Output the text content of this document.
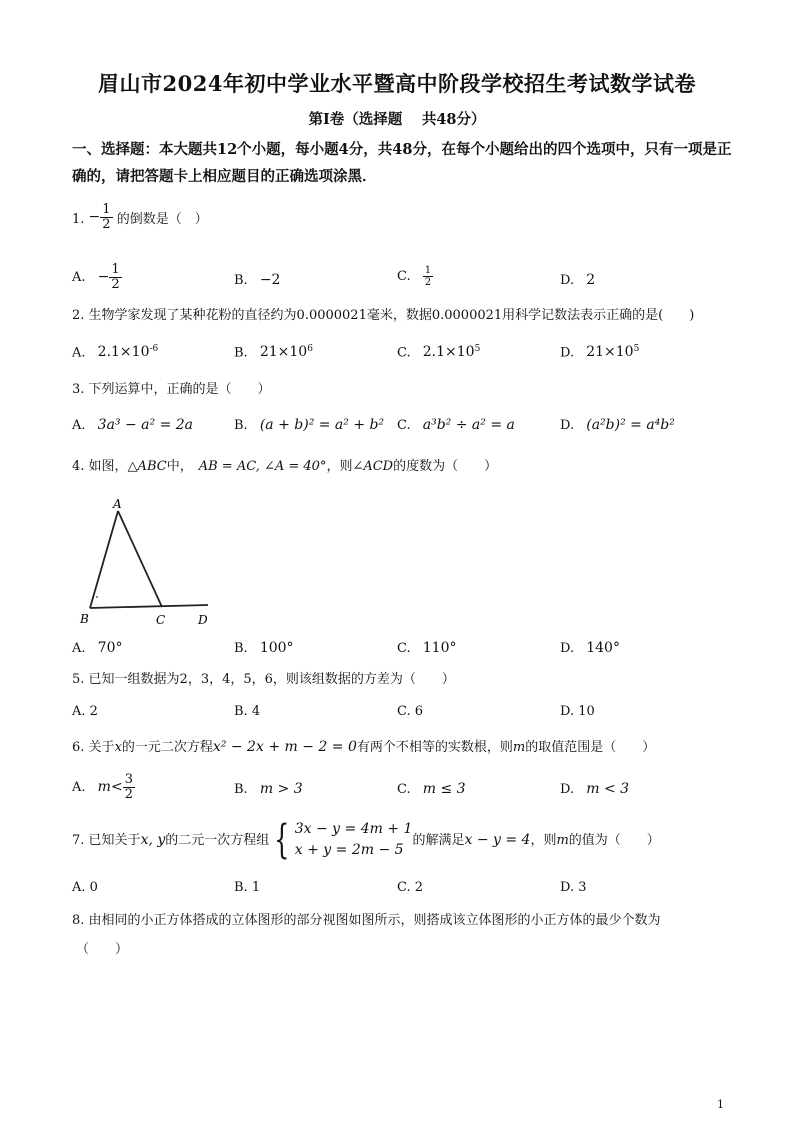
眉山市2024年初中学业水平暨高中阶段学校招生考试数学试卷
第Ⅰ卷（选择题　 共48分）
一、选择题：本大题共12个小题，每小题4分，共48分，在每个小题给出的四个选项中，只有一项是正确的，请把答题卡上相应题目的正确选项涂黑．
1. − $\frac{1}{2}$ 的倒数是（　）
A. − $\frac{1}{2}$	B. −2	C. $\frac{1}{2}$	D. 2
2. 生物学家发现了某种花粉的直径约为0.0000021毫米，数据0.0000021用科学记数法表示正确的是(　　)
A. $2.1\times 10^{-6}$	B. $21\times 10^6$	C. $2.1\times 10^5$	D. $21\times 10^5$
3. 下列运算中，正确的是（　　）
A. 3a³ − a² = 2a	B. (a + b)² = a² + b² C. a³b² ÷ a² = a	D. (a²b)² = a⁴b²
4. 如图，△ABC中， AB = AC, ∠A = 40°，则∠ACD的度数为（　　）
A
B	C	D
A. 70°	B. 100°	C. 110°	D. 140°
5. 已知一组数据为2，3，4，5，6，则该组数据的方差为（　　）
A. 2	B. 4	C. 6	D. 10
6. 关于x的一元二次方程x² − 2x + m − 2 = 0有两个不相等的实数根，则m的取值范围是（　　）
A. $m< \frac{3}{2}$	B. m > 3	C. m ≤ 3	D. m < 3
7. 已知关于x, y的二元一次方程组 { 3x − y = 4m + 1
x + y = 2m − 5
的解满足x − y = 4，则m的值为（　　）
A. 0	B. 1	C. 2	D. 3
8. 由相同的小正方体搭成的立体图形的部分视图如图所示，则搭成该立体图形的小正方体的最少个数为
（　　）
1
